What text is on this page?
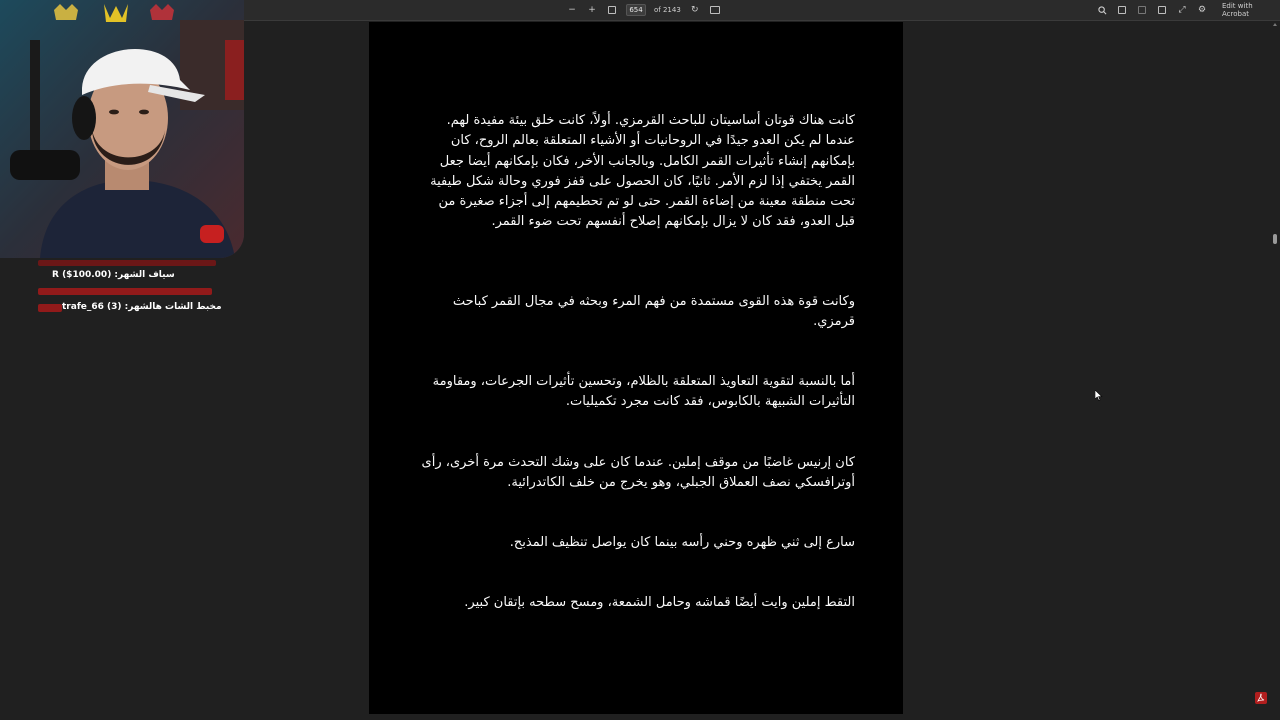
− +
654	of 2143 ↻	⤢ ⚙ Edit with Acrobat

كانت هناك قوتان أساسيتان للباحث القرمزي. أولاً، كانت خلق بيئة مفيدة لهم. عندما لم يكن العدو جيدًا في الروحانيات أو الأشياء المتعلقة بعالم الروح، كان بإمكانهم إنشاء تأثيرات القمر الكامل. وبالجانب الأخر، فكان بإمكانهم أيضا جعل القمر يختفي إذا لزم الأمر. ثانيًا، كان الحصول على قفز فوري وحالة شكل طيفية تحت منطقة معينة من إضاءة القمر. حتى لو تم تحطيمهم إلى أجزاء صغيرة من قبل العدو، فقد كان لا يزال بإمكانهم إصلاح أنفسهم تحت ضوء القمر.

وكانت قوة هذه القوى مستمدة من فهم المرء وبحثه في مجال القمر كباحث قرمزي.

أما بالنسبة لتقوية التعاويذ المتعلقة بالظلام، وتحسين تأثيرات الجرعات، ومقاومة التأثيرات الشبيهة بالكابوس، فقد كانت مجرد تكميليات.

كان إرنيس غاضبًا من موقف إملين. عندما كان على وشك التحدث مرة أخرى، رأى أوترافسكي نصف العملاق الجبلي، وهو يخرج من خلف الكاتدرائية.

سارع إلى ثني ظهره وحني رأسه بينما كان يواصل تنظيف المذبح.

التقط إملين وايت أيضًا قماشه وحامل الشمعة، ومسح سطحه بإتقان كبير.

سياف الشهر: (100.00$) R
مخبط الشات هالشهر: trafe_66 (3)
